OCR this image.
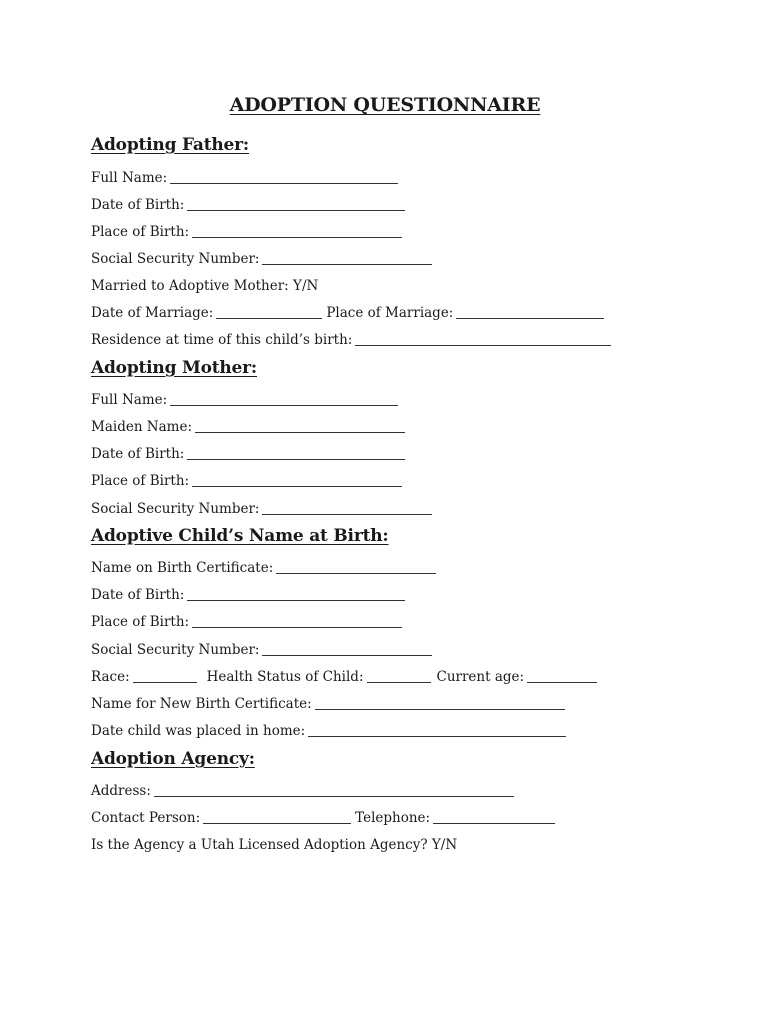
ADOPTION QUESTIONNAIRE
Adopting Father:
Full Name:
Date of Birth:
Place of Birth:
Social Security Number:
Married to Adoptive Mother: Y/N
Date of Marriage:	Place of Marriage:
Residence at time of this child’s birth:
Adopting Mother:
Full Name:
Maiden Name:
Date of Birth:
Place of Birth:
Social Security Number:
Adoptive Child’s Name at Birth:
Name on Birth Certificate:
Date of Birth:
Place of Birth:
Social Security Number:
Race:	Health Status of Child:	Current age:
Name for New Birth Certificate:
Date child was placed in home:
Adoption Agency:
Address:
Contact Person:	Telephone:
Is the Agency a Utah Licensed Adoption Agency? Y/N
